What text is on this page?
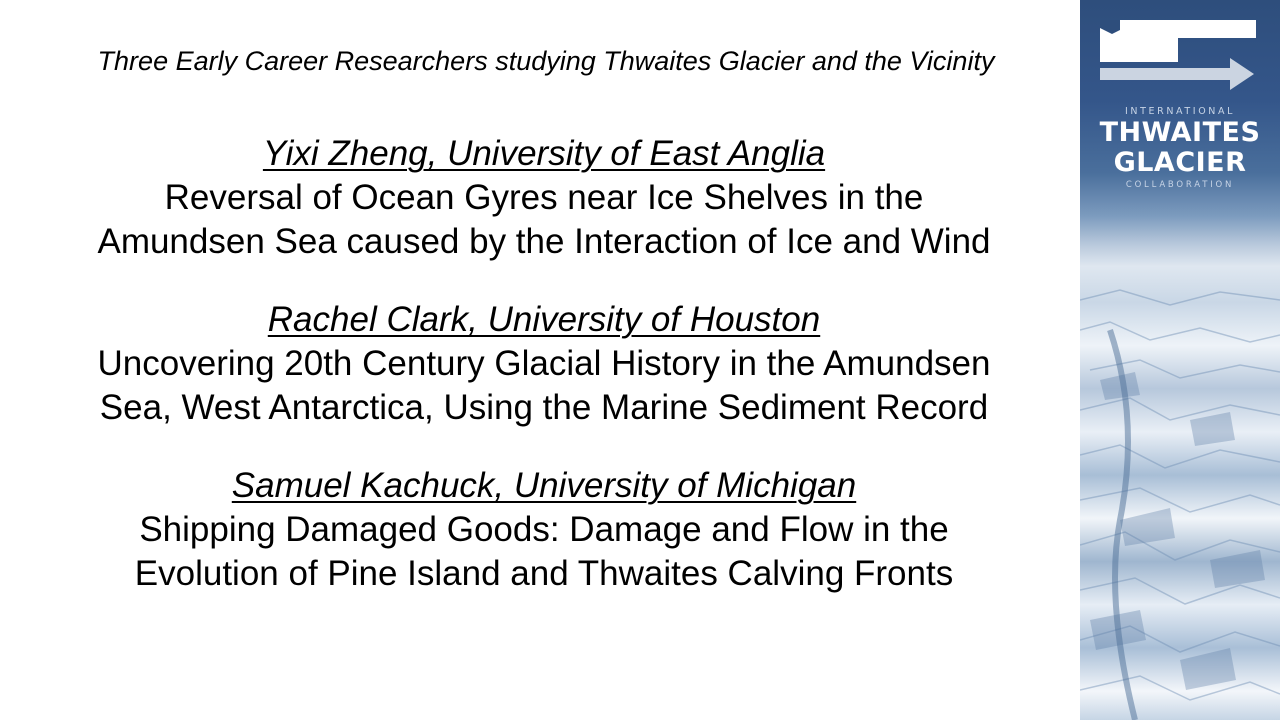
Three Early Career Researchers studying Thwaites Glacier and the Vicinity
Yixi Zheng, University of East Anglia
Reversal of Ocean Gyres near Ice Shelves in the
Amundsen Sea caused by the Interaction of Ice and Wind
Rachel Clark, University of Houston
Uncovering 20th Century Glacial History in the Amundsen
Sea, West Antarctica, Using the Marine Sediment Record
Samuel Kachuck, University of Michigan
Shipping Damaged Goods: Damage and Flow in the
Evolution of Pine Island and Thwaites Calving Fronts
INTERNATIONAL
THWAITES
GLACIER
COLLABORATION
